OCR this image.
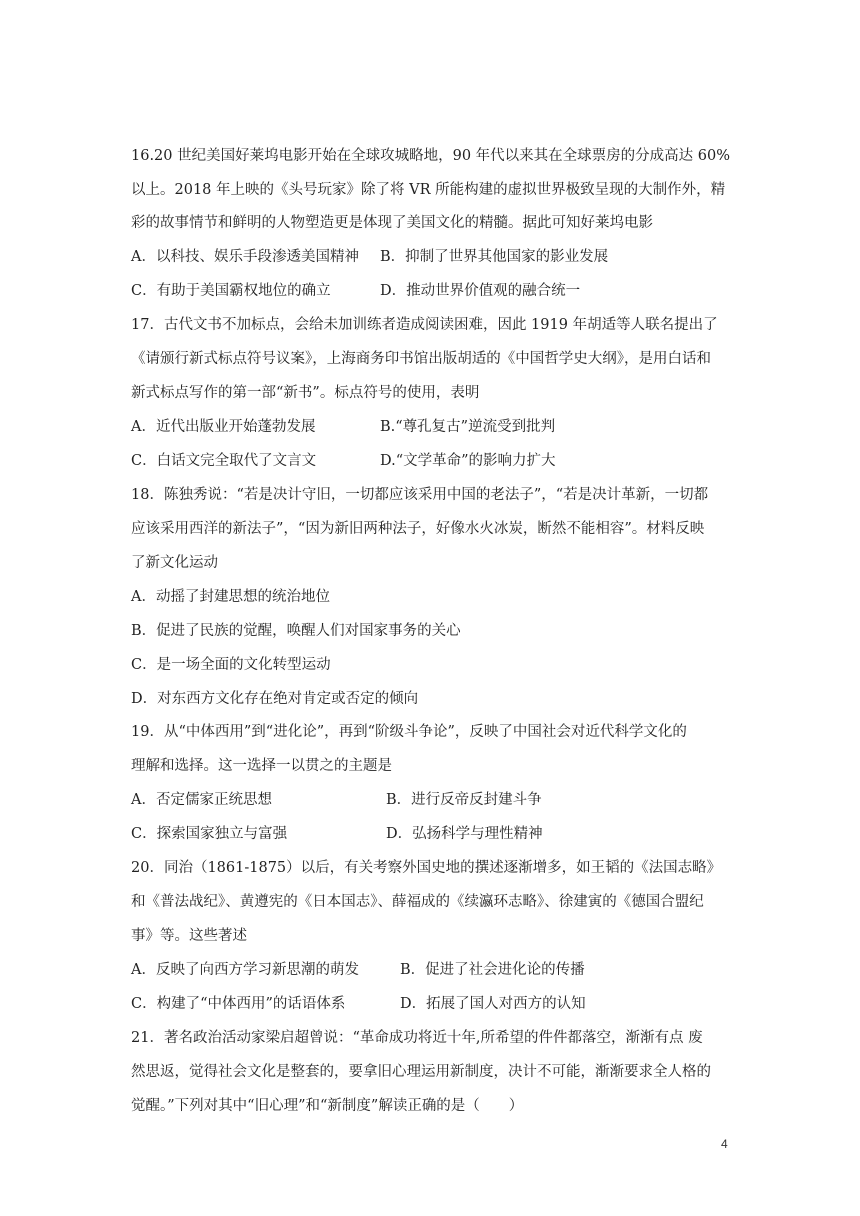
16.20 世纪美国好莱坞电影开始在全球攻城略地，90 年代以来其在全球票房的分成高达 60%
以上。2018 年上映的《头号玩家》除了将 VR 所能构建的虚拟世界极致呈现的大制作外，精
彩的故事情节和鲜明的人物塑造更是体现了美国文化的精髓。据此可知好莱坞电影
A．以科技、娱乐手段渗透美国精神 B．抑制了世界其他国家的影业发展
C．有助于美国霸权地位的确立	D．推动世界价值观的融合统一
17．古代文书不加标点，会给未加训练者造成阅读困难，因此 1919 年胡适等人联名提出了
《请颁行新式标点符号议案》，上海商务印书馆出版胡适的《中国哲学史大纲》，是用白话和
新式标点写作的第一部“新书”。标点符号的使用，表明
A．近代出版业开始蓬勃发展	B.“尊孔复古”逆流受到批判
C．白话文完全取代了文言文	D.“文学革命”的影响力扩大
18．陈独秀说：“若是决计守旧，一切都应该采用中国的老法子”，“若是决计革新，一切都
应该采用西洋的新法子”，“因为新旧两种法子，好像水火冰炭，断然不能相容”。材料反映
了新文化运动
A．动摇了封建思想的统治地位
B．促进了民族的觉醒，唤醒人们对国家事务的关心
C．是一场全面的文化转型运动
D．对东西方文化存在绝对肯定或否定的倾向
19．从“中体西用”到“进化论”，再到“阶级斗争论”，反映了中国社会对近代科学文化的
理解和选择。这一选择一以贯之的主题是
A．否定儒家正统思想	B．进行反帝反封建斗争
C．探索国家独立与富强	D．弘扬科学与理性精神
20．同治（1861-1875）以后，有关考察外国史地的撰述逐渐增多，如王韬的《法国志略》
和《普法战纪》、黄遵宪的《日本国志》、薛福成的《续瀛环志略》、徐建寅的《德国合盟纪
事》等。这些著述
A．反映了向西方学习新思潮的萌发	B．促进了社会进化论的传播
C．构建了“中体西用”的话语体系	D．拓展了国人对西方的认知
21．著名政治活动家梁启超曾说：“革命成功将近十年,所希望的件件都落空，渐渐有点 废
然思返，觉得社会文化是整套的，要拿旧心理运用新制度，决计不可能，渐渐要求全人格的
觉醒。”下列对其中“旧心理”和“新制度”解读正确的是（　　）
4
